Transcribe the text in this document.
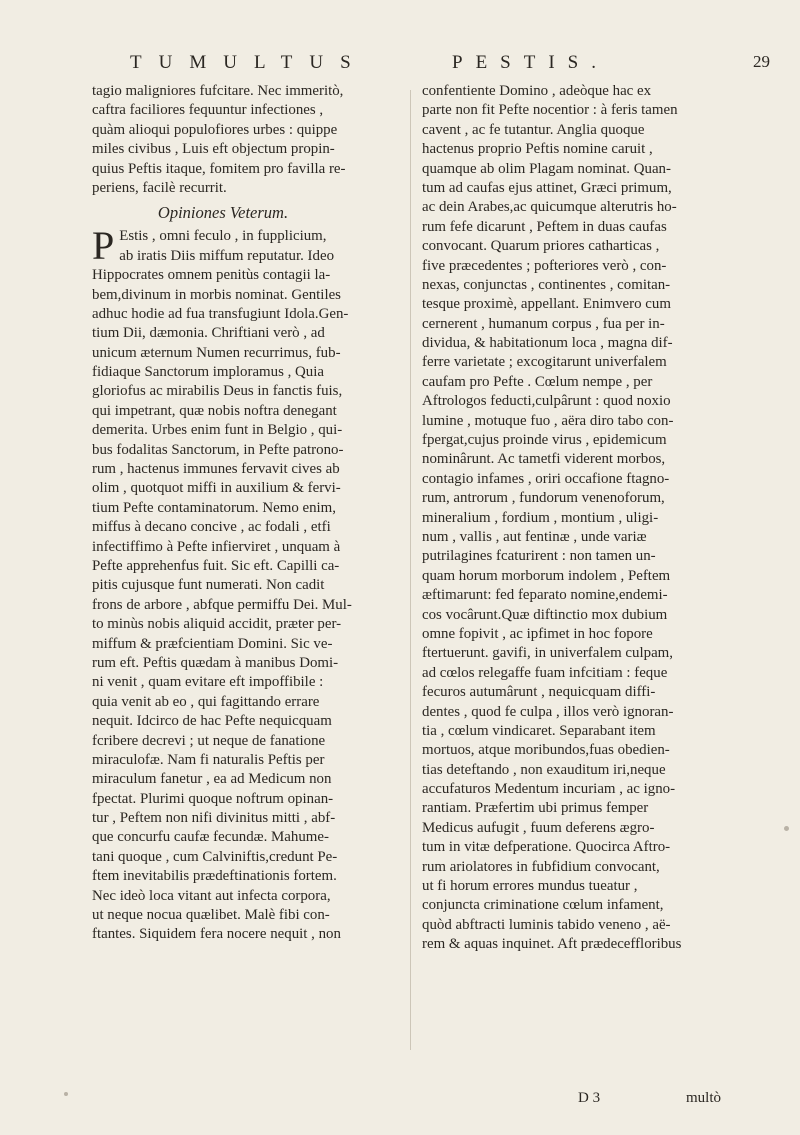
TUMULTUS	PESTIS.	29
tagio maligniores fufcitare. Nec immeritò,
caftra faciliores fequuntur infectiones ,
quàm alioqui populofiores urbes : quippe
miles civibus , Luis eft objectum propin-
quius Peftis itaque, fomitem pro favilla re-
periens, facilè recurrit.
Opiniones Veterum.
P Estis , omni feculo , in fupplicium,
ab iratis Diis miffum reputatur. Ideo
Hippocrates omnem penitùs contagii la-
bem,divinum in morbis nominat. Gentiles
adhuc hodie ad fua transfugiunt Idola.Gen-
tium Dii, dæmonia. Chriftiani verò , ad
unicum æternum Numen recurrimus, fub-
fidiaque Sanctorum imploramus , Quia
gloriofus ac mirabilis Deus in fanctis fuis,
qui impetrant, quæ nobis noftra denegant
demerita. Urbes enim funt in Belgio , qui-
bus fodalitas Sanctorum, in Pefte patrono-
rum , hactenus immunes fervavit cives ab
olim , quotquot miffi in auxilium & fervi-
tium Pefte contaminatorum. Nemo enim,
miffus à decano concive , ac fodali , etfi
infectiffimo à Pefte infierviret , unquam à
Pefte apprehenfus fuit. Sic eft. Capilli ca-
pitis cujusque funt numerati. Non cadit
frons de arbore , abfque permiffu Dei. Mul-
to minùs nobis aliquid accidit, præter per-
miffum & præfcientiam Domini. Sic ve-
rum eft. Peftis quædam à manibus Domi-
ni venit , quam evitare eft impoffibile :
quia venit ab eo , qui fagittando errare
nequit. Idcirco de hac Pefte nequicquam
fcribere decrevi ; ut neque de fanatione
miraculofæ. Nam fi naturalis Peftis per
miraculum fanetur , ea ad Medicum non
fpectat. Plurimi quoque noftrum opinan-
tur , Peftem non nifi divinitus mitti , abf-
que concurfu caufæ fecundæ. Mahume-
tani quoque , cum Calviniftis,credunt Pe-
ftem inevitabilis prædeftinationis fortem.
Nec ideò loca vitant aut infecta corpora,
ut neque nocua quælibet. Malè fibi con-
ftantes. Siquidem fera nocere nequit , non
confentiente Domino , adeòque hac ex
parte non fit Pefte nocentior : à feris tamen
cavent , ac fe tutantur. Anglia quoque
hactenus proprio Peftis nomine caruit ,
quamque ab olim Plagam nominat. Quan-
tum ad caufas ejus attinet, Græci primum,
ac dein Arabes,ac quicumque alterutris ho-
rum fefe dicarunt , Peftem in duas caufas
convocant. Quarum priores catharticas ,
five præcedentes ; pofteriores verò , con-
nexas, conjunctas , continentes , comitan-
tesque proximè, appellant. Enimvero cum
cernerent , humanum corpus , fua per in-
dividua, & habitationum loca , magna dif-
ferre varietate ; excogitarunt univerfalem
caufam pro Pefte . Cœlum nempe , per
Aftrologos feducti,culpârunt : quod noxio
lumine , motuque fuo , aëra diro tabo con-
fpergat,cujus proinde virus , epidemicum
nominârunt. Ac tametfi viderent morbos,
contagio infames , oriri occafione ftagno-
rum, antrorum , fundorum venenoforum,
mineralium , fordium , montium , uligi-
num , vallis , aut fentinæ , unde variæ
putrilagines fcaturirent : non tamen un-
quam horum morborum indolem , Peftem
æftimarunt: fed feparato nomine,endemi-
cos vocârunt.Quæ diftinctio mox dubium
omne fopivit , ac ipfimet in hoc fopore
ftertuerunt. gavifi, in univerfalem culpam,
ad cœlos relegaffe fuam infcitiam : feque
fecuros autumârunt , nequicquam diffi-
dentes , quod fe culpa , illos verò ignoran-
tia , cœlum vindicaret. Separabant item
mortuos, atque moribundos,fuas obedien-
tias deteftando , non exauditum iri,neque
accufaturos Medentum incuriam , ac igno-
rantiam. Præfertim ubi primus femper
Medicus aufugit , fuum deferens ægro-
tum in vitæ defperatione. Quocirca Aftro-
rum ariolatores in fubfidium convocant,
ut fi horum errores mundus tueatur ,
conjuncta criminatione cœlum infament,
quòd abftracti luminis tabido veneno , aë-
rem & aquas inquinet. Aft prædeceffloribus
D 3	multò
